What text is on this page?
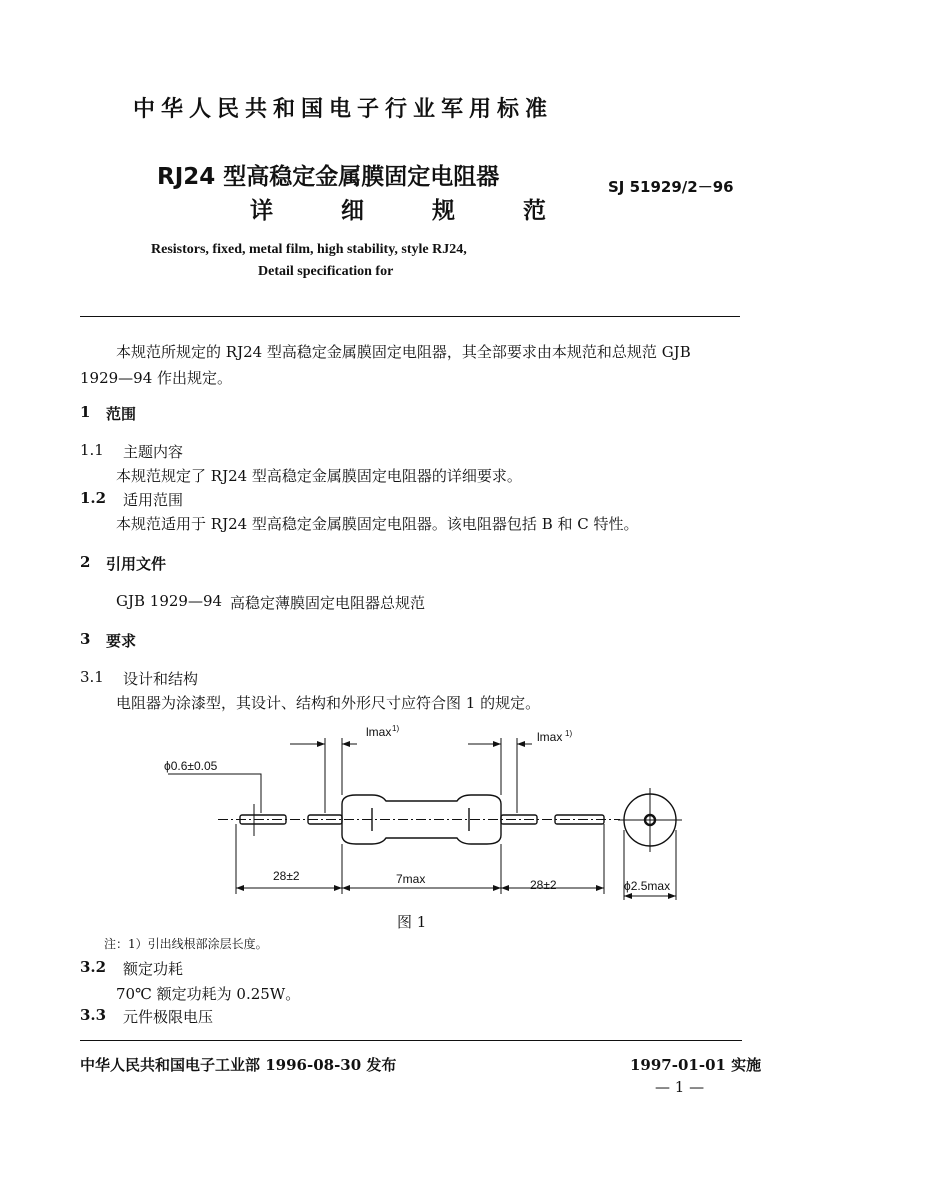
中华人民共和国电子行业军用标准
RJ24 型高稳定金属膜固定电阻器
详 细 规 范
SJ 51929/2－96
Resistors, fixed, metal film, high stability, style RJ24,
Detail specification for
本规范所规定的 RJ24 型高稳定金属膜固定电阻器，其全部要求由本规范和总规范 GJB
1929—94 作出规定。
1 范围
1.1 主题内容
本规范规定了 RJ24 型高稳定金属膜固定电阻器的详细要求。
1.2 适用范围
本规范适用于 RJ24 型高稳定金属膜固定电阻器。该电阻器包括 B 和 C 特性。
2 引用文件
GJB 1929—94 高稳定薄膜固定电阻器总规范
3 要求
3.1 设计和结构
电阻器为涂漆型，其设计、结构和外形尺寸应符合图 1 的规定。
lmax 1)
lmax 1)
ϕ0.6±0.05
28±2	7max	28±2	ϕ2.5max
图 1
注：1）引出线根部涂层长度。
3.2 额定功耗
70℃ 额定功耗为 0.25W。
3.3 元件极限电压
中华人民共和国电子工业部 1996-08-30 发布	1997-01-01 实施
— 1 —
